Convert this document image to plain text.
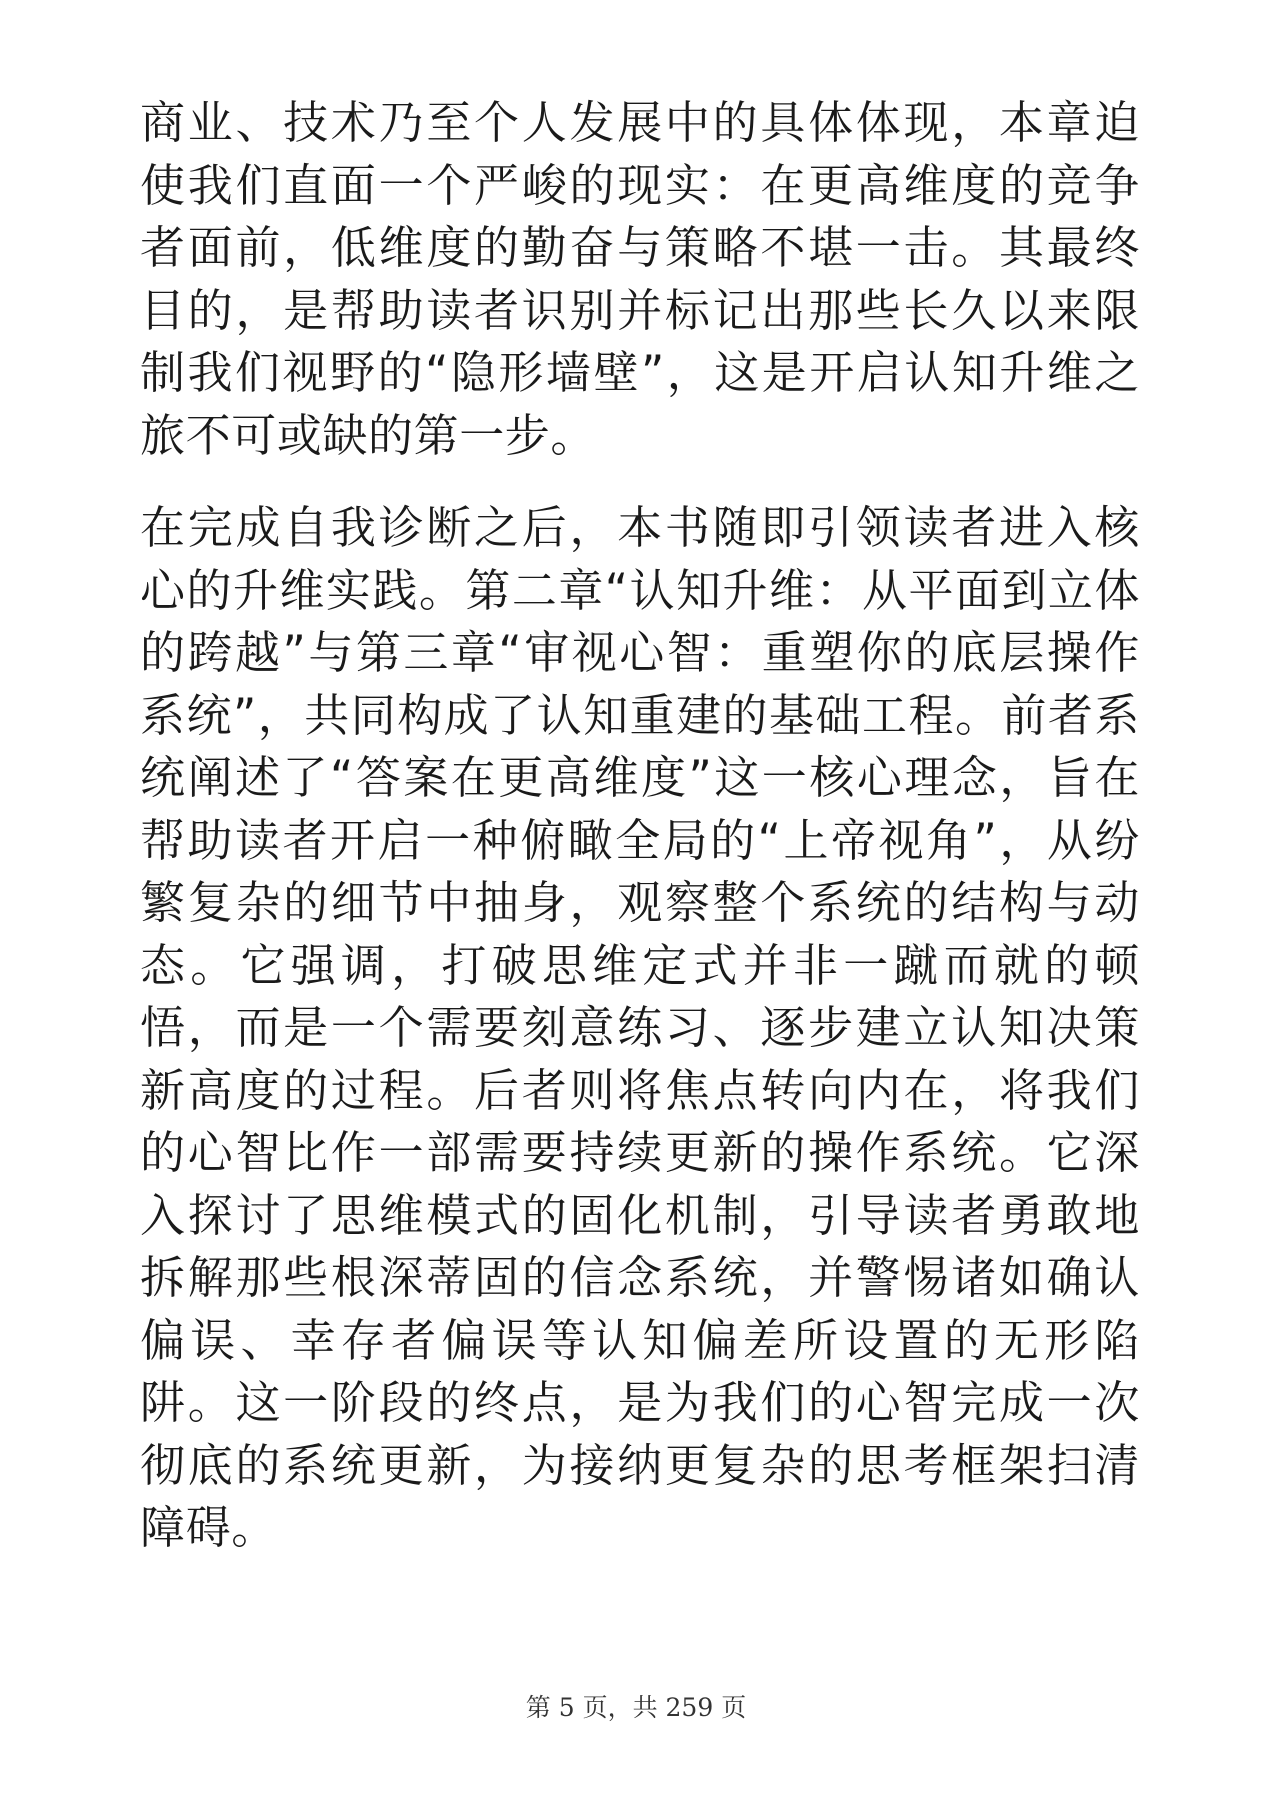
商业、技术乃至个人发展中的具体体现，本章迫使我们直面一个严峻的现实：在更高维度的竞争者面前，低维度的勤奋与策略不堪一击。其最终目的，是帮助读者识别并标记出那些长久以来限制我们视野的“隐形墙壁”，这是开启认知升维之旅不可或缺的第一步。

在完成自我诊断之后，本书随即引领读者进入核心的升维实践。第二章“认知升维：从平面到立体的跨越”与第三章“审视心智：重塑你的底层操作系统”，共同构成了认知重建的基础工程。前者系统阐述了“答案在更高维度”这一核心理念，旨在帮助读者开启一种俯瞰全局的“上帝视角”，从纷繁复杂的细节中抽身，观察整个系统的结构与动态。它强调，打破思维定式并非一蹴而就的顿悟，而是一个需要刻意练习、逐步建立认知决策新高度的过程。后者则将焦点转向内在，将我们的心智比作一部需要持续更新的操作系统。它深入探讨了思维模式的固化机制，引导读者勇敢地拆解那些根深蒂固的信念系统，并警惕诸如确认偏误、幸存者偏误等认知偏差所设置的无形陷阱。这一阶段的终点，是为我们的心智完成一次彻底的系统更新，为接纳更复杂的思考框架扫清障碍。

第 5 页，共 259 页
